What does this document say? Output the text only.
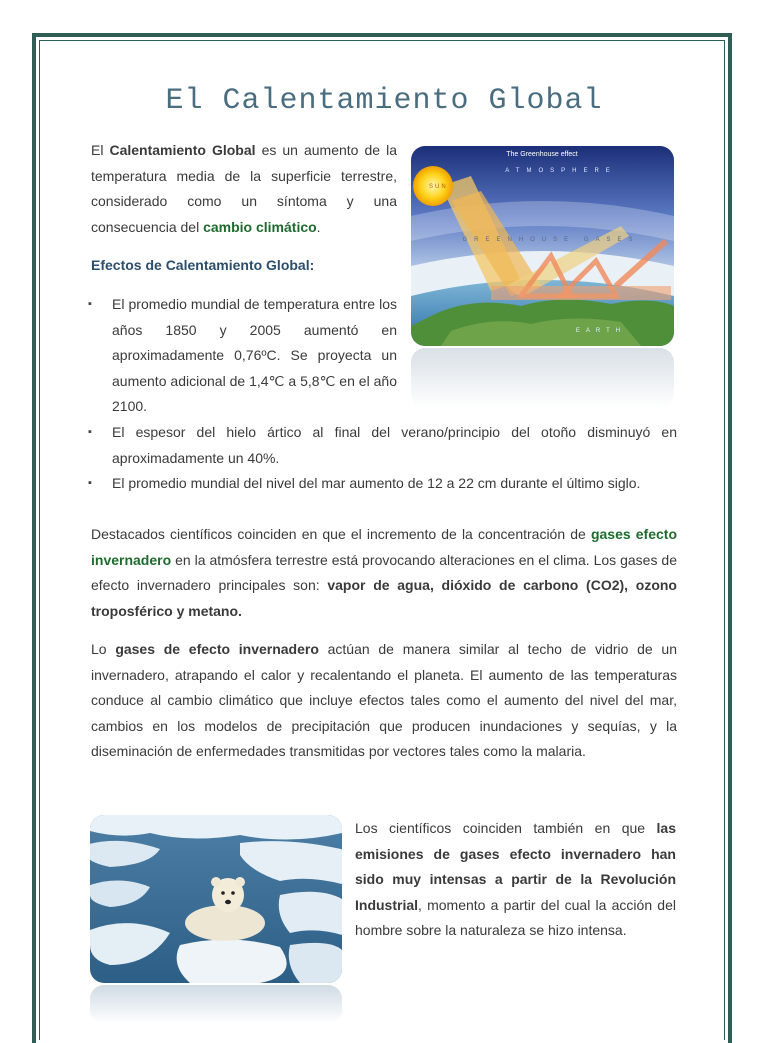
El Calentamiento Global

El Calentamiento Global es un aumento de la temperatura media de la superficie terrestre, considerado como un síntoma y una consecuencia del cambio climático.

The Greenhouse effect
SUN
ATMOSPHERE
GREENHOUSE GASES
EARTH
Efectos de Calentamiento Global:
▪ El promedio mundial de temperatura entre los años 1850 y 2005 aumentó en aproximadamente 0,76ºC. Se proyecta un aumento adicional de 1,4℃ a 5,8℃ en el año 2100.
▪ El espesor del hielo ártico al final del verano/principio del otoño disminuyó en aproximadamente un 40%.
▪ El promedio mundial del nivel del mar aumento de 12 a 22 cm durante el último siglo.

Destacados científicos coinciden en que el incremento de la concentración de gases efecto invernadero en la atmósfera terrestre está provocando alteraciones en el clima. Los gases de efecto invernadero principales son: vapor de agua, dióxido de carbono (CO2), ozono troposférico y metano.

Lo gases de efecto invernadero actúan de manera similar al techo de vidrio de un invernadero, atrapando el calor y recalentando el planeta. El aumento de las temperaturas conduce al cambio climático que incluye efectos tales como el aumento del nivel del mar, cambios en los modelos de precipitación que producen inundaciones y sequías, y la diseminación de enfermedades transmitidas por vectores tales como la malaria.

Los científicos coinciden también en que las emisiones de gases efecto invernadero han sido muy intensas a partir de la Revolución Industrial, momento a partir del cual la acción del hombre sobre la naturaleza se hizo intensa.
